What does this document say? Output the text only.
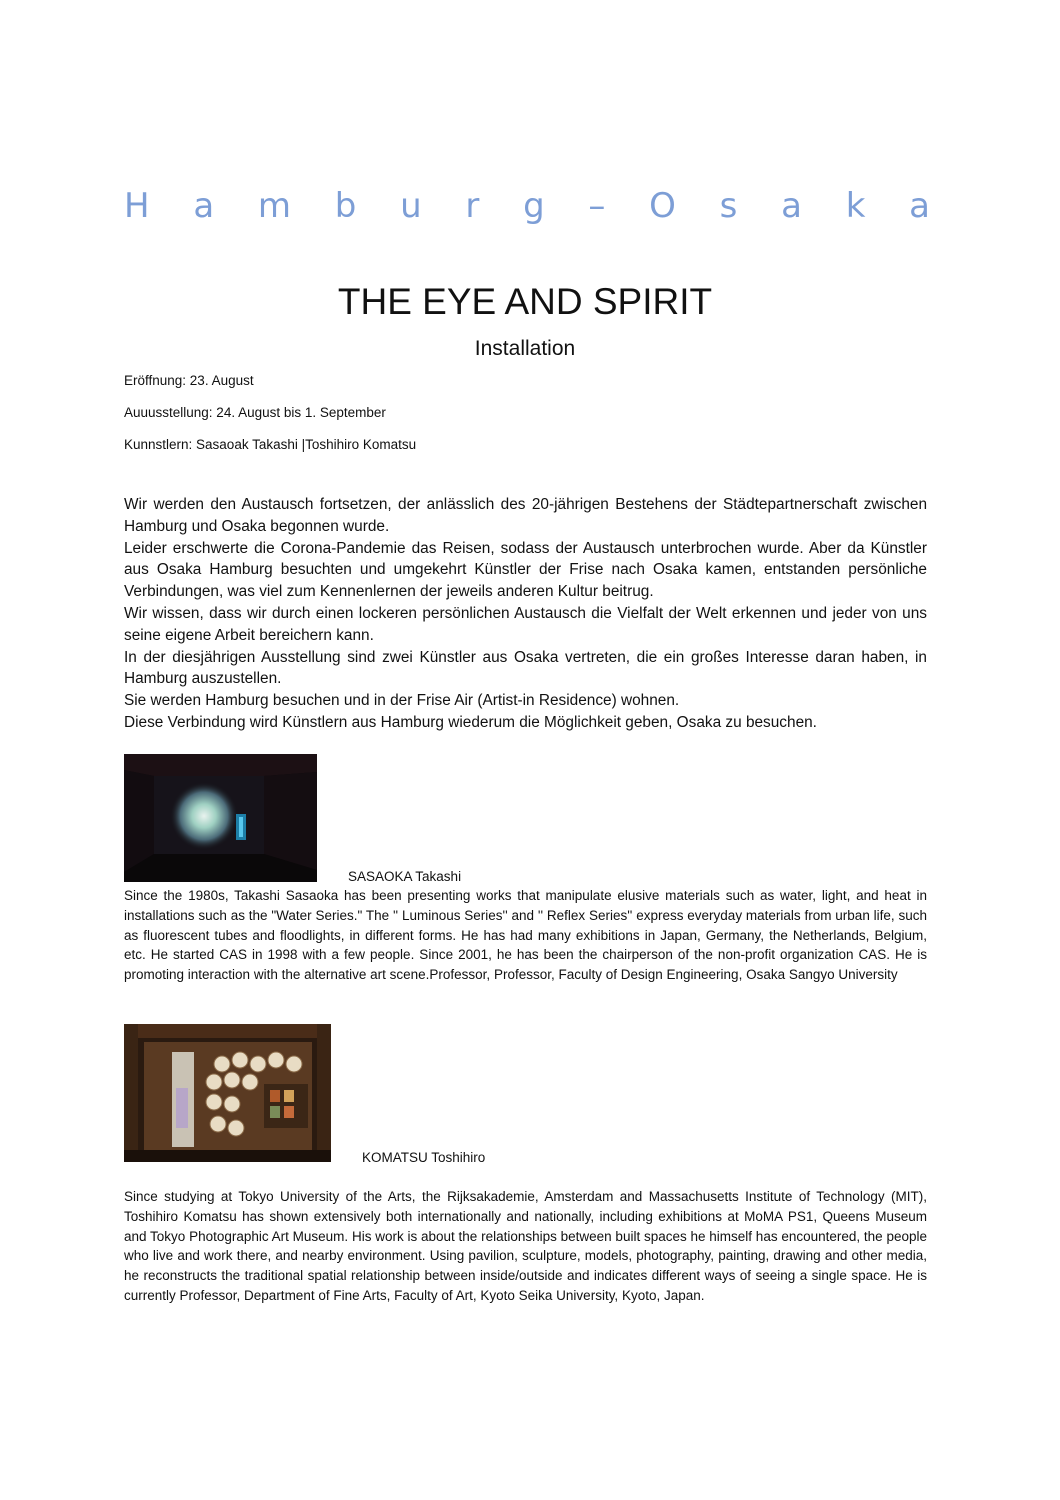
H a m b u r g – O s a k a
THE EYE AND SPIRIT
Installation
Eröffnung: 23. August
Auuusstellung: 24. August bis 1. September
Kunnstlern: Sasaoak Takashi |Toshihiro Komatsu

Wir werden den Austausch fortsetzen, der anlässlich des 20-jährigen Bestehens der Städtepartnerschaft zwischen Hamburg und Osaka begonnen wurde.

Leider erschwerte die Corona-Pandemie das Reisen, sodass der Austausch unterbrochen wurde. Aber da Künstler aus Osaka Hamburg besuchten und umgekehrt Künstler der Frise nach Osaka kamen, entstanden persönliche Verbindungen, was viel zum Kennenlernen der jeweils anderen Kultur beitrug.

Wir wissen, dass wir durch einen lockeren persönlichen Austausch die Vielfalt der Welt erkennen und jeder von uns seine eigene Arbeit bereichern kann.

In der diesjährigen Ausstellung sind zwei Künstler aus Osaka vertreten, die ein großes Interesse daran haben, in Hamburg auszustellen.

Sie werden Hamburg besuchen und in der Frise Air (Artist-in Residence) wohnen.

Diese Verbindung wird Künstlern aus Hamburg wiederum die Möglichkeit geben, Osaka zu besuchen.

SASAOKA Takashi
Since the 1980s, Takashi Sasaoka has been presenting works that manipulate elusive materials such as water, light, and heat in installations such as the "Water Series." The '' Luminous Series'' and '' Reflex Series'' express everyday materials from urban life, such as fluorescent tubes and floodlights, in different forms. He has had many exhibitions in Japan, Germany, the Netherlands, Belgium, etc. He started CAS in 1998 with a few people. Since 2001, he has been the chairperson of the non-profit organization CAS. He is promoting interaction with the alternative art scene.Professor, Professor, Faculty of Design Engineering, Osaka Sangyo University
KOMATSU Toshihiro
Since studying at Tokyo University of the Arts, the Rijksakademie, Amsterdam and Massachusetts Institute of Technology (MIT), Toshihiro Komatsu has shown extensively both internationally and nationally, including exhibitions at MoMA PS1, Queens Museum and Tokyo Photographic Art Museum. His work is about the relationships between built spaces he himself has encountered, the people who live and work there, and nearby environment. Using pavilion, sculpture, models, photography, painting, drawing and other media, he reconstructs the traditional spatial relationship between inside/outside and indicates different ways of seeing a single space. He is currently Professor, Department of Fine Arts, Faculty of Art, Kyoto Seika University, Kyoto, Japan.
